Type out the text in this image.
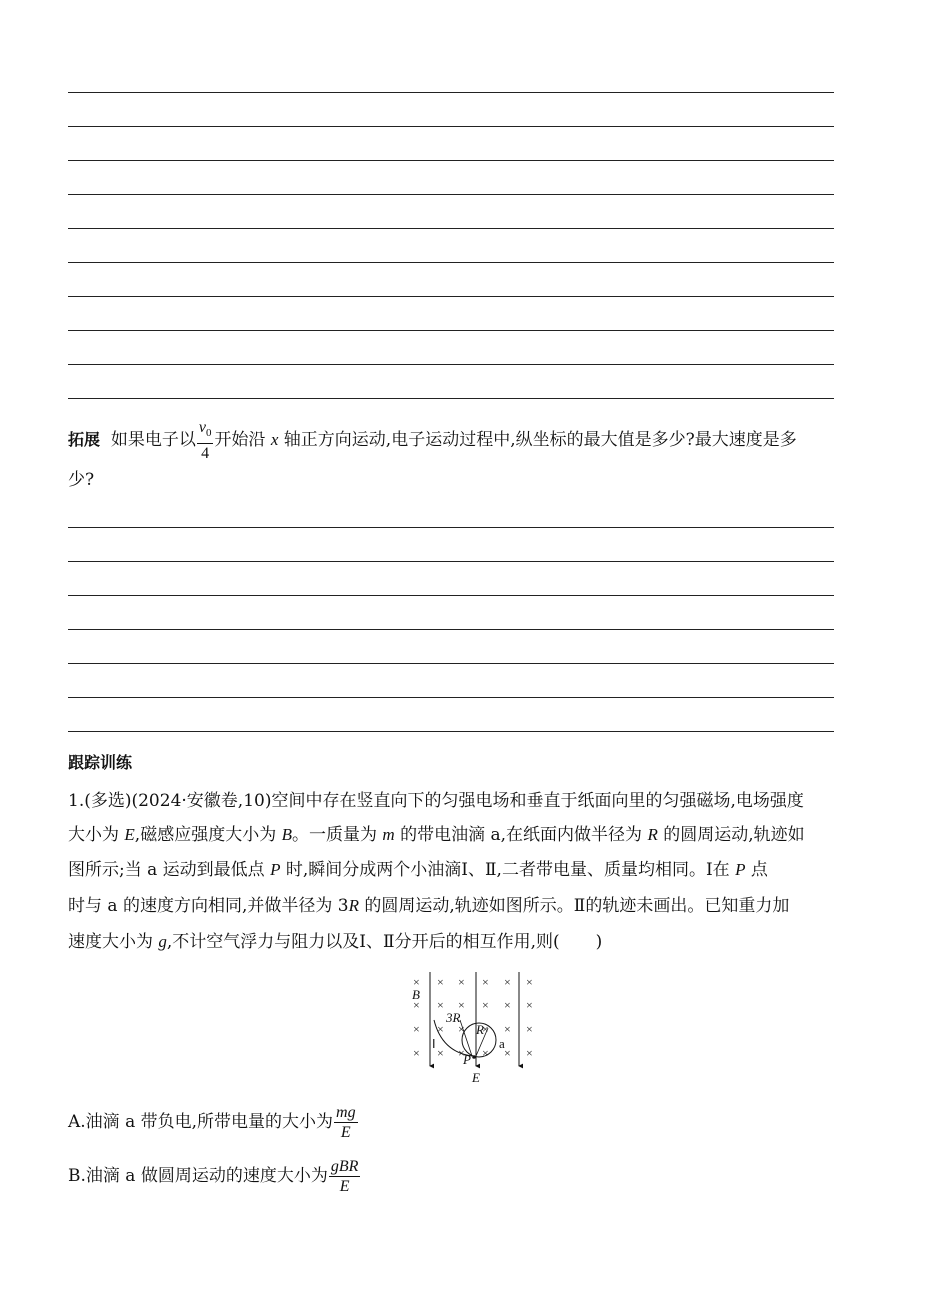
拓展 如果电子以 $\frac{v_0}{4}$ 开始沿 x 轴正方向运动,电子运动过程中,纵坐标的最大值是多少?最大速度是多
少?
跟踪训练
1.(多选)(2024·安徽卷,10)空间中存在竖直向下的匀强电场和垂直于纸面向里的匀强磁场,电场强度
大小为 E,磁感应强度大小为 B。一质量为 m 的带电油滴 a,在纸面内做半径为 R 的圆周运动,轨迹如
图所示;当 a 运动到最低点 P 时,瞬间分成两个小油滴Ⅰ、Ⅱ,二者带电量、质量均相同。Ⅰ在 P 点
时与 a 的速度方向相同,并做半径为 3R 的圆周运动,轨迹如图所示。Ⅱ的轨迹未画出。已知重力加
速度大小为 g,不计空气浮力与阻力以及Ⅰ、Ⅱ分开后的相互作用,则( )
× × × × × ×
× × × × × ×
× × × × × ×
× × × × × ×
B
3R
R
Ⅰ	a
P
E
A.油滴 a 带负电,所带电量的大小为 $\frac{mg}{E}$
B.油滴 a 做圆周运动的速度大小为 $\frac{\text{gBR}}{E}$
